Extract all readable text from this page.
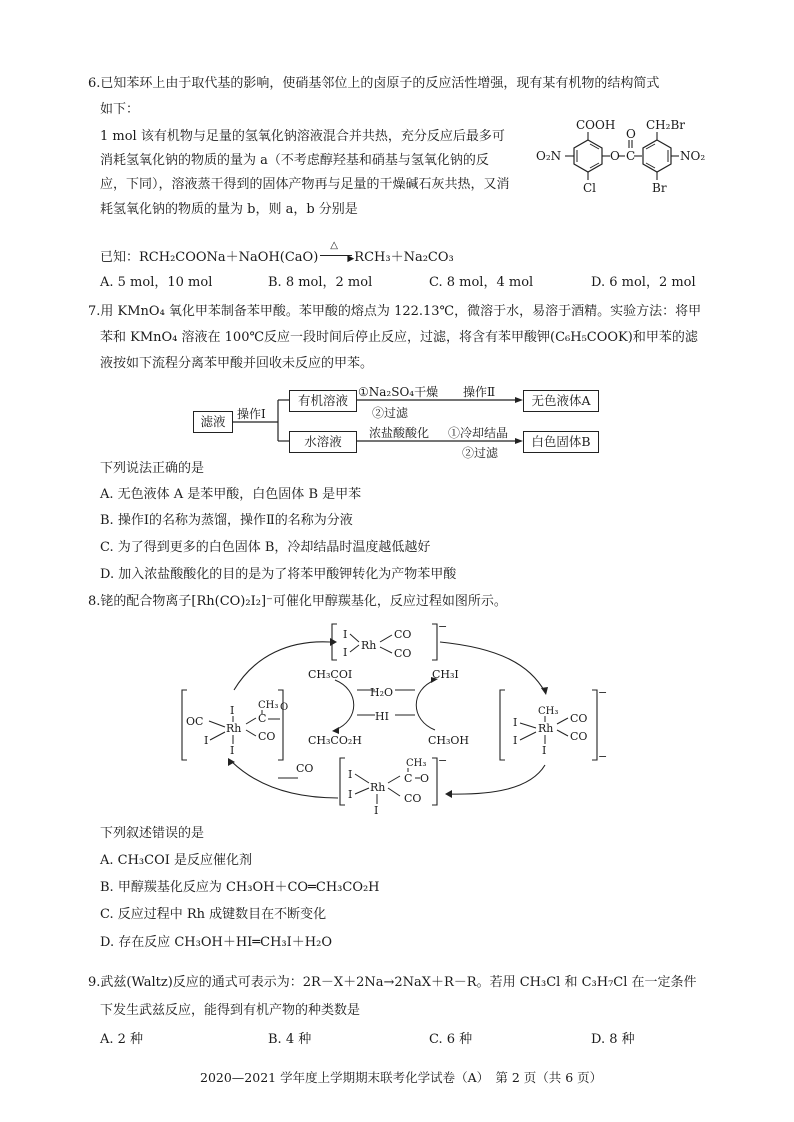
6.已知苯环上由于取代基的影响，使硝基邻位上的卤原子的反应活性增强，现有某有机物的结构简式
如下：
1 mol 该有机物与足量的氢氧化钠溶液混合并共热，充分反应后最多可
消耗氢氧化钠的物质的量为 a（不考虑醇羟基和硝基与氢氧化钠的反
应，下同），溶液蒸干得到的固体产物再与足量的干燥碱石灰共热，又消
耗氢氧化钠的物质的量为 b，则 a，b 分别是
COOH
O₂N
Cl
O C
O
CH₂Br
NO₂
Br
已知：RCH₂COONa＋NaOH(CaO)
△
▶ RCH₃＋Na₂CO₃
A. 5 mol，10 mol	B. 8 mol，2 mol	C. 8 mol，4 mol	D. 6 mol，2 mol
7.用 KMnO₄ 氧化甲苯制备苯甲酸。苯甲酸的熔点为 122.13℃，微溶于水，易溶于酒精。实验方法：将甲
苯和 KMnO₄ 溶液在 100℃反应一段时间后停止反应，过滤，将含有苯甲酸钾(C₆H₅COOK)和甲苯的滤
液按如下流程分离苯甲酸并回收未反应的甲苯。
滤液 操作Ⅰ
有机溶液
①Na₂SO₄干燥
②过滤
操作Ⅱ
无色液体A
水溶液
浓盐酸酸化 ①冷却结晶
②过滤
白色固体B
下列说法正确的是
A. 无色液体 A 是苯甲酸，白色固体 B 是甲苯
B. 操作Ⅰ的名称为蒸馏，操作Ⅱ的名称为分液
C. 为了得到更多的白色固体 B，冷却结晶时温度越低越好
D. 加入浓盐酸酸化的目的是为了将苯甲酸钾转化为产物苯甲酸
8.铑的配合物离子[Rh(CO)₂I₂]⁻可催化甲醇羰基化，反应过程如图所示。
−
I
I
Rh
CO
CO
OC
I
Rh
I
I
C
CO
CH₃ O
−
−
CH₃
Rh
I
I
I
CO
CO
−
I
I
Rh
I
CH₃
C O
CO
CH₃COI
H₂O
CH₃I
HI
CH₃CO₂H	CH₃OH
CO
下列叙述错误的是
A. CH₃COI 是反应催化剂
B. 甲醇羰基化反应为 CH₃OH＋CO═CH₃CO₂H
C. 反应过程中 Rh 成键数目在不断变化
D. 存在反应 CH₃OH＋HI═CH₃I＋H₂O
9.武兹(Waltz)反应的通式可表示为：2R－X＋2Na→2NaX＋R－R。若用 CH₃Cl 和 C₃H₇Cl 在一定条件
下发生武兹反应，能得到有机产物的种类数是
A. 2 种	B. 4 种	C. 6 种	D. 8 种
2020—2021 学年度上学期期末联考化学试卷（A）　第 2 页（共 6 页）
